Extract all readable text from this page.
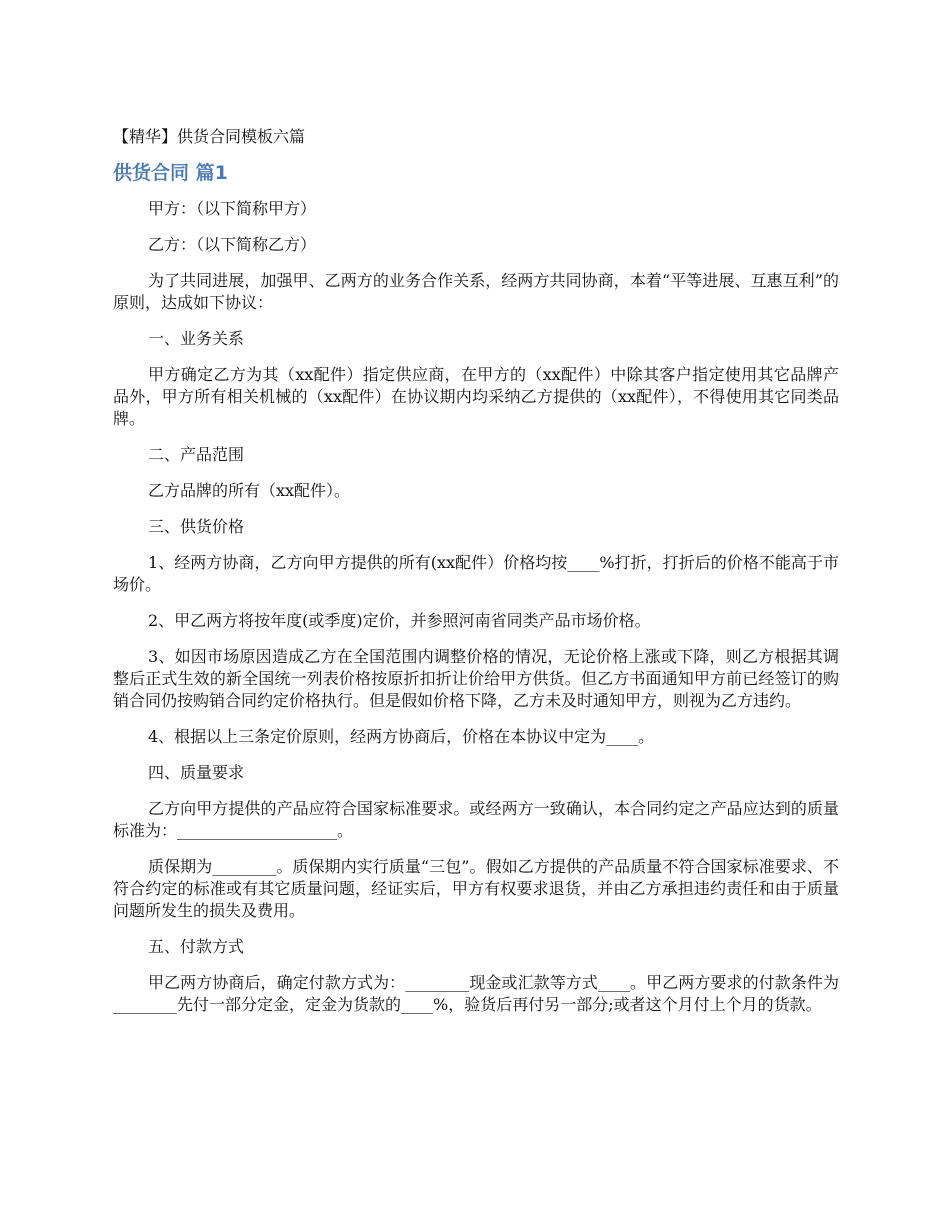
【精华】供货合同模板六篇
供货合同 篇1

甲方：（以下简称甲方）

乙方：（以下简称乙方）

为了共同进展，加强甲、乙两方的业务合作关系，经两方共同协商，本着“平等进展、互惠互利”的原则，达成如下协议：

一、业务关系

甲方确定乙方为其（xx配件）指定供应商，在甲方的（xx配件）中除其客户指定使用其它品牌产品外，甲方所有相关机械的（xx配件）在协议期内均采纳乙方提供的（xx配件），不得使用其它同类品牌。

二、产品范围

乙方品牌的所有（xx配件）。

三、供货价格

1、经两方协商，乙方向甲方提供的所有(xx配件）价格均按____%打折，打折后的价格不能高于市场价。

2、甲乙两方将按年度(或季度)定价，并参照河南省同类产品市场价格。

3、如因市场原因造成乙方在全国范围内调整价格的情况，无论价格上涨或下降，则乙方根据其调整后正式生效的新全国统一列表价格按原折扣折让价给甲方供货。但乙方书面通知甲方前已经签订的购销合同仍按购销合同约定价格执行。但是假如价格下降，乙方未及时通知甲方，则视为乙方违约。

4、根据以上三条定价原则，经两方协商后，价格在本协议中定为____。

四、质量要求

乙方向甲方提供的产品应符合国家标准要求。或经两方一致确认，本合同约定之产品应达到的质量标准为：____________________。

质保期为________。质保期内实行质量“三包”。假如乙方提供的产品质量不符合国家标准要求、不符合约定的标准或有其它质量问题，经证实后，甲方有权要求退货，并由乙方承担违约责任和由于质量问题所发生的损失及费用。

五、付款方式

甲乙两方协商后，确定付款方式为：________现金或汇款等方式____。甲乙两方要求的付款条件为________先付一部分定金，定金为货款的____%，验货后再付另一部分;或者这个月付上个月的货款。
